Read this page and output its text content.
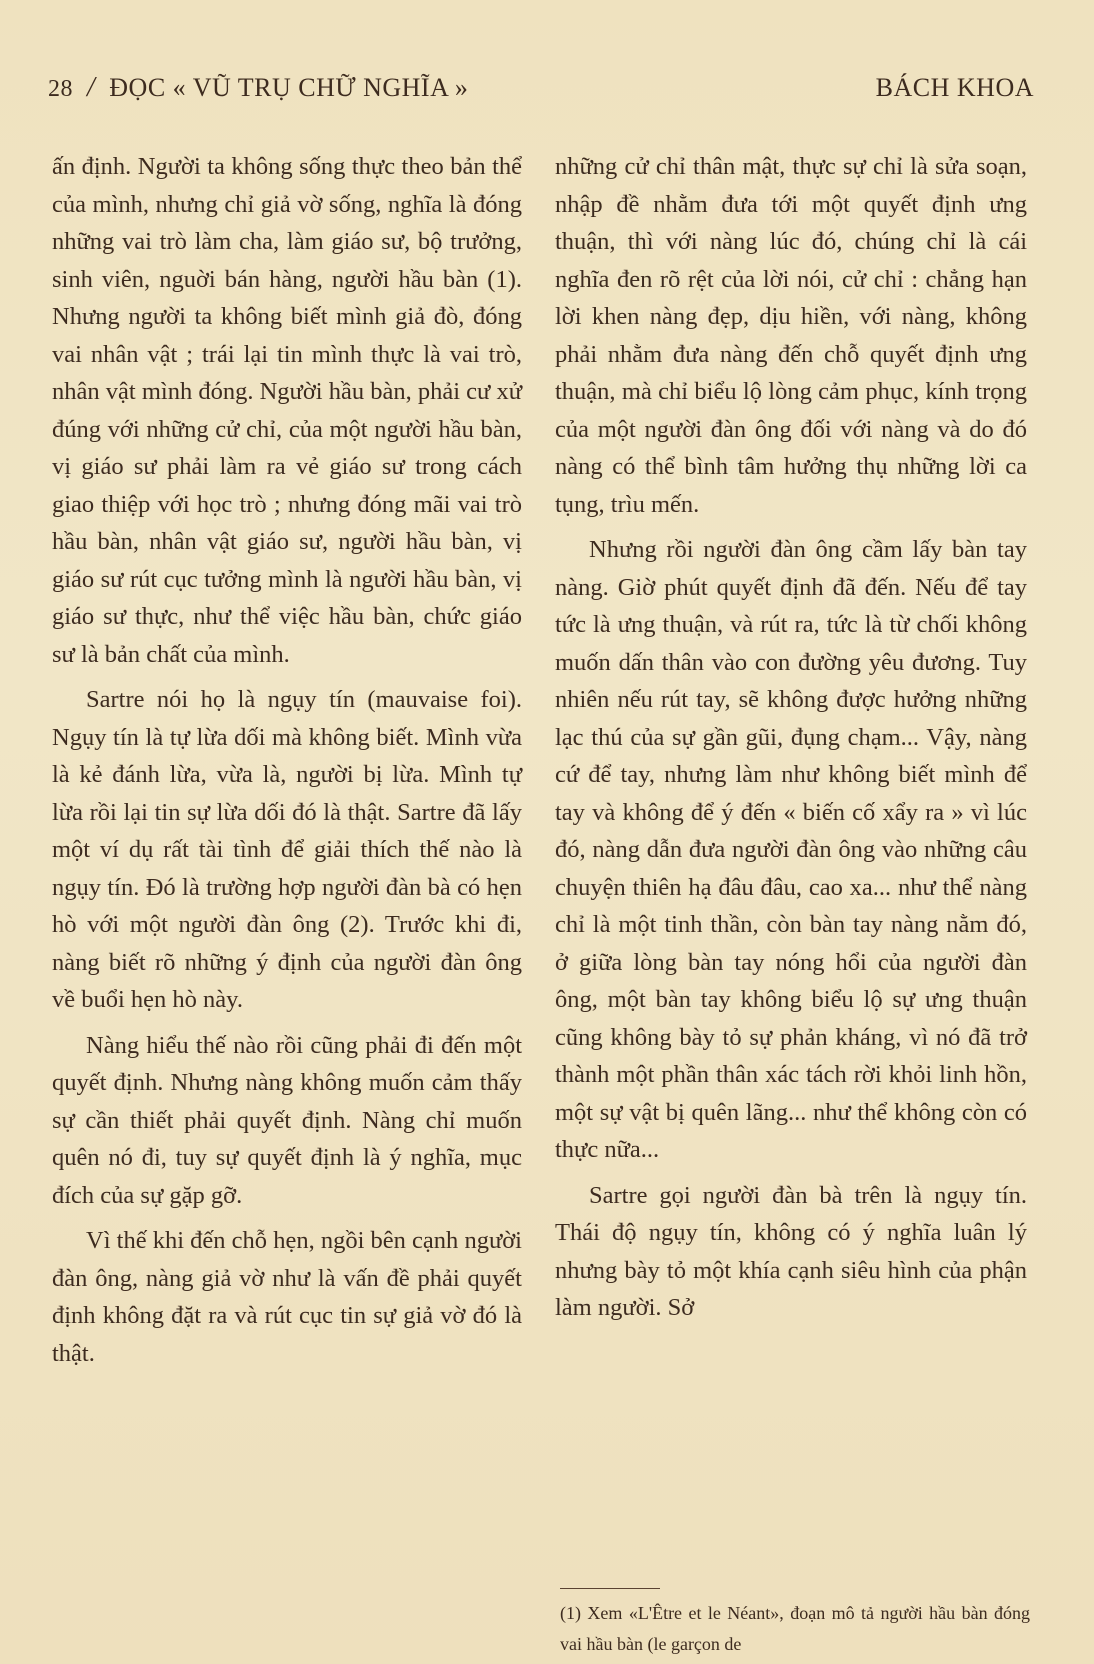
28 / ĐỌC « VŨ TRỤ CHỮ NGHĨA »	BÁCH KHOA

ấn định. Người ta không sống thực theo bản thể của mình, nhưng chỉ giả vờ sống, nghĩa là đóng những vai trò làm cha, làm giáo sư, bộ trưởng, sinh viên, nguời bán hàng, người hầu bàn (1). Nhưng người ta không biết mình giả đò, đóng vai nhân vật ; trái lại tin mình thực là vai trò, nhân vật mình đóng. Người hầu bàn, phải cư xử đúng với những cử chỉ, của một người hầu bàn, vị giáo sư phải làm ra vẻ giáo sư trong cách giao thiệp với học trò ; nhưng đóng mãi vai trò hầu bàn, nhân vật giáo sư, người hầu bàn, vị giáo sư rút cục tưởng mình là người hầu bàn, vị giáo sư thực, như thể việc hầu bàn, chức giáo sư là bản chất của mình.

Sartre nói họ là ngụy tín (mauvaise foi). Ngụy tín là tự lừa dối mà không biết. Mình vừa là kẻ đánh lừa, vừa là, người bị lừa. Mình tự lừa rồi lại tin sự lừa dối đó là thật. Sartre đã lấy một ví dụ rất tài tình để giải thích thế nào là ngụy tín. Đó là trường hợp người đàn bà có hẹn hò với một người đàn ông (2). Trước khi đi, nàng biết rõ những ý định của người đàn ông về buổi hẹn hò này.

Nàng hiểu thế nào rồi cũng phải đi đến một quyết định. Nhưng nàng không muốn cảm thấy sự cần thiết phải quyết định. Nàng chỉ muốn quên nó đi, tuy sự quyết định là ý nghĩa, mục đích của sự gặp gỡ.

Vì thế khi đến chỗ hẹn, ngồi bên cạnh người đàn ông, nàng giả vờ như là vấn đề phải quyết định không đặt ra và rút cục tin sự giả vờ đó là thật.

những cử chỉ thân mật, thực sự chỉ là sửa soạn, nhập đề nhằm đưa tới một quyết định ưng thuận, thì với nàng lúc đó, chúng chỉ là cái nghĩa đen rõ rệt của lời nói, cử chỉ : chẳng hạn lời khen nàng đẹp, dịu hiền, với nàng, không phải nhằm đưa nàng đến chỗ quyết định ưng thuận, mà chỉ biểu lộ lòng cảm phục, kính trọng của một người đàn ông đối với nàng và do đó nàng có thể bình tâm hưởng thụ những lời ca tụng, trìu mến.

Nhưng rồi người đàn ông cầm lấy bàn tay nàng. Giờ phút quyết định đã đến. Nếu để tay tức là ưng thuận, và rút ra, tức là từ chối không muốn dấn thân vào con đường yêu đương. Tuy nhiên nếu rút tay, sẽ không được hưởng những lạc thú của sự gần gũi, đụng chạm... Vậy, nàng cứ để tay, nhưng làm như không biết mình để tay và không để ý đến « biến cố xẩy ra » vì lúc đó, nàng dẫn đưa người đàn ông vào những câu chuyện thiên hạ đâu đâu, cao xa... như thể nàng chỉ là một tinh thần, còn bàn tay nàng nằm đó, ở giữa lòng bàn tay nóng hổi của người đàn ông, một bàn tay không biểu lộ sự ưng thuận cũng không bày tỏ sự phản kháng, vì nó đã trở thành một phần thân xác tách rời khỏi linh hồn, một sự vật bị quên lãng... như thể không còn có thực nữa...

Sartre gọi người đàn bà trên là ngụy tín. Thái độ ngụy tín, không có ý nghĩa luân lý nhưng bày tỏ một khía cạnh siêu hình của phận làm người. Sở

(1) Xem «L'Être et le Néant», đoạn mô tả người hầu bàn đóng vai hầu bàn (le garçon de
